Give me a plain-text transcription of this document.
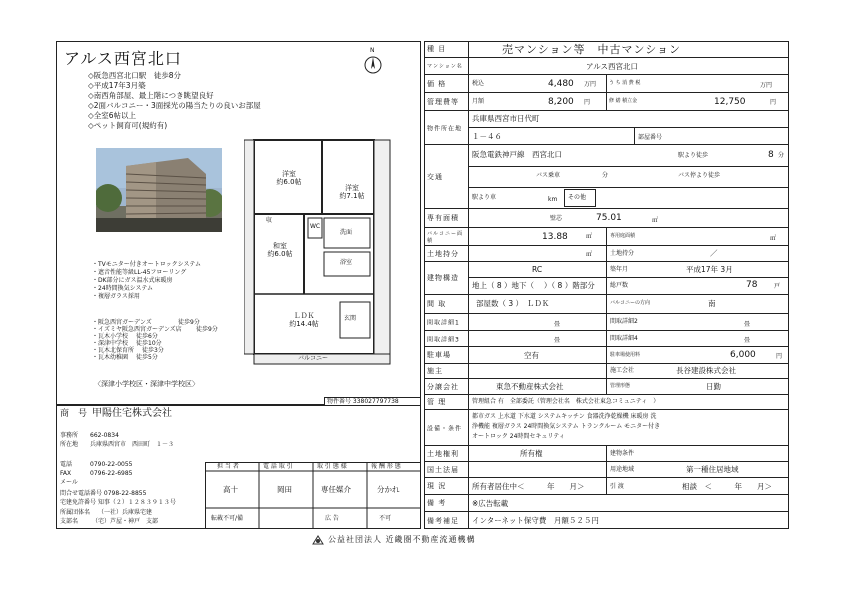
アルス西宮北口	N
◇阪急西宮北口駅　徒歩8分
◇平成17年3月築
◇南西角部屋、最上階につき眺望良好
◇2面バルコニー・3面採光の陽当たりの良いお部屋
◇全室6帖以上
◇ペット飼育可(規約有)
・TVモニター付きオートロックシステム
・遮音性能等級LL-45フローリング
・DK部分にガス温水式床暖房
・24時間換気システム
・複層ガラス採用
・阪急西宮ガーデンズ	徒歩9分
・イズミヤ阪急西宮ガーデンズ店 徒歩9分
・瓦木小学校 徒歩6分
・深津中学校 徒歩10分
・瓦木北保育所 徒歩3分
・瓦木幼稚園 徒歩5分
〈深津小学校区・深津中学校区〉
洋室
約6.0帖
洋室
約7.1帖
和室
約6.0帖
ＬＤＫ
約14.4帖
WC
浴室
洗面
収
玄関
バルコニー
物件番号 338027797738
商　号 甲陽住宅株式会社
事務所 662-0834
所在地 兵庫県西宮市　西田町　１－３
電話	0790-22-0055
FAX	0796-22-6985
メール
問合せ電話番号 0798-22-8855
宅建免許番号 知事（２）１２８３９１３号
所属団体名 （一社）兵庫県宅建
支部名 （宅）芦屋・神戸　支部
担 当 者	電 話 取 引	取 引 態 様	報 酬 形 態
高十	岡田	専任媒介	分かれ
転載不可/備	広 告	不可
種 目	売マンション等　中古マンション
マンション名	アルス西宮北口
価 格	税込	4,480 万円	う ち 消 費 税	万円
管理費等 月額	8,200 円	修 繕 積立金	12,750	円
物件所在地
兵庫県西宮市日代町
１－４６	部屋番号
交通
阪急電鉄神戸線　西宮北口	駅より徒歩	8 分
バス乗車	分	バス停より徒歩
駅より車	km その他
専有面積	壁芯	75.01	㎡
バルコニー面積	13.88	㎡	専用庭面積	㎡
土地持分	㎡	土地持分	／
建物構造
RC
地上（ 8 ）地下（　 ）（ 8 ）階部分
築年月	平成17年 3月
総戸数	78	戸
間 取	部屋数（ 3 ）　ＬＤＫ	バルコニーの方向	南
間取詳細1	畳	間取詳細2	畳
間取詳細3	畳	間取詳細4	畳
駐車場	空有	駐車場使用料	6,000	円
施主	施工会社	長谷建設株式会社
分譲会社	東急不動産株式会社	管理形態	日勤
管 理	管理組合 有　全部委託（管理会社名　株式会社東急コミュニティ　）
設備・条件
都市ガス 上水道 下水道 システムキッチン 食器洗浄乾燥機 床暖房 洗
浄機能 複層ガラス 24時間換気システム トランクルーム モニター付き
オートロック 24時間セキュリティ
土地権利	所有権	建物条件
国土法届	用途地域	第一種住居地域
現 況	所有者居住中＜　　　年　　月＞	引 渡	相談　＜　　　年　　月＞
備 考	※広告転載
備考補足 インターネット保守費　月額５２５円
公益社団法人 近畿圏不動産流通機構
